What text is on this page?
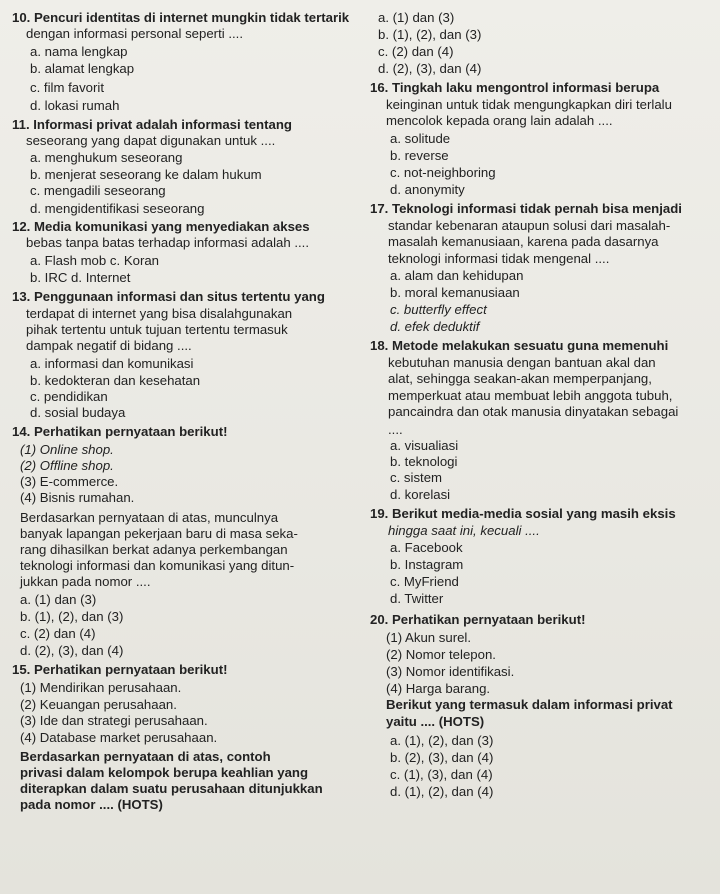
10. Pencuri identitas di internet mungkin tidak tertarik
dengan informasi personal seperti ....
a. nama lengkap
b. alamat lengkap
c. film favorit
d. lokasi rumah
11. Informasi privat adalah informasi tentang
seseorang yang dapat digunakan untuk ....
a. menghukum seseorang
b. menjerat seseorang ke dalam hukum
c. mengadili seseorang
d. mengidentifikasi seseorang
12. Media komunikasi yang menyediakan akses
bebas tanpa batas terhadap informasi adalah ....
a. Flash mob c. Koran
b. IRC d. Internet
13. Penggunaan informasi dan situs tertentu yang
terdapat di internet yang bisa disalahgunakan
pihak tertentu untuk tujuan tertentu termasuk
dampak negatif di bidang ....
a. informasi dan komunikasi
b. kedokteran dan kesehatan
c. pendidikan
d. sosial budaya
14. Perhatikan pernyataan berikut!
(1) Online shop.
(2) Offline shop.
(3) E-commerce.
(4) Bisnis rumahan.
Berdasarkan pernyataan di atas, munculnya
banyak lapangan pekerjaan baru di masa seka-
rang dihasilkan berkat adanya perkembangan
teknologi informasi dan komunikasi yang ditun-
jukkan pada nomor ....
a. (1) dan (3)
b. (1), (2), dan (3)
c. (2) dan (4)
d. (2), (3), dan (4)
15. Perhatikan pernyataan berikut!
(1) Mendirikan perusahaan.
(2) Keuangan perusahaan.
(3) Ide dan strategi perusahaan.
(4) Database market perusahaan.
Berdasarkan pernyataan di atas, contoh
privasi dalam kelompok berupa keahlian yang
diterapkan dalam suatu perusahaan ditunjukkan
pada nomor .... (HOTS)
a. (1) dan (3)
b. (1), (2), dan (3)
c. (2) dan (4)
d. (2), (3), dan (4)
16. Tingkah laku mengontrol informasi berupa
keinginan untuk tidak mengungkapkan diri terlalu
mencolok kepada orang lain adalah ....
a. solitude
b. reverse
c. not-neighboring
d. anonymity
17. Teknologi informasi tidak pernah bisa menjadi
standar kebenaran ataupun solusi dari masalah-
masalah kemanusiaan, karena pada dasarnya
teknologi informasi tidak mengenal ....
a. alam dan kehidupan
b. moral kemanusiaan
c. butterfly effect
d. efek deduktif
18. Metode melakukan sesuatu guna memenuhi
kebutuhan manusia dengan bantuan akal dan
alat, sehingga seakan-akan memperpanjang,
memperkuat atau membuat lebih anggota tubuh,
pancaindra dan otak manusia dinyatakan sebagai
....
a. visualiasi
b. teknologi
c. sistem
d. korelasi
19. Berikut media-media sosial yang masih eksis
hingga saat ini, kecuali ....
a. Facebook
b. Instagram
c. MyFriend
d. Twitter
20. Perhatikan pernyataan berikut!
(1) Akun surel.
(2) Nomor telepon.
(3) Nomor identifikasi.
(4) Harga barang.
Berikut yang termasuk dalam informasi privat
yaitu .... (HOTS)
a. (1), (2), dan (3)
b. (2), (3), dan (4)
c. (1), (3), dan (4)
d. (1), (2), dan (4)
